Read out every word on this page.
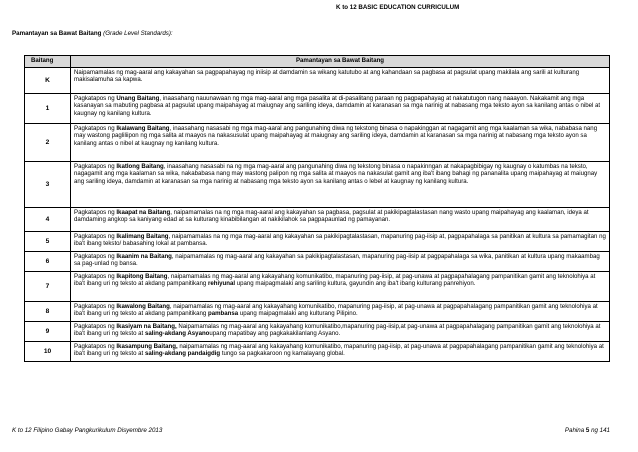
K to 12 BASIC EDUCATION CURRICULUM
Pamantayan sa Bawat Baitang (Grade Level Standards):
Baitang	Pamantayan sa Bawat Baitang
K	Naipamamalas ng mag-aaral ang kakayahan sa pagpapahayag ng iniisip at damdamin sa wikang katutubo at ang kahandaan sa pagbasa at pagsulat upang makilala ang sarili at kulturang makisalamuha sa kapwa.
1	Pagkatapos ng Unang Baitang, inaasahang nauunawaan ng mga mag-aaral ang mga pasalita at di-pasalitang paraan ng pagpapahayag at nakatutugon nang naaayon. Nakakamit ang mga kasanayan sa mabuting pagbasa at pagsulat upang maipahayag at maiugnay ang sariling ideya, damdamin at karanasan sa mga narinig at nabasang mga teksto ayon sa kanilang antas o nibel at kaugnay ng kanilang kultura.
2	Pagkatapos ng Ikalawang Baitang, inaasahang nasasabi ng mga mag-aaral ang pangunahing diwa ng tekstong binasa o napakinggan at nagagamit ang mga kaalaman sa wika, nababasa nang may wastong pagliliipon ng mga salita at maayos na nakasusulat upang maipahayag at maiugnay ang sariling ideya, damdamin at karanasan sa mga narinig at nabasang mga teksto ayon sa kanilang antas o nibel at kaugnay ng kanilang kultura.
3	Pagkatapos ng Ikatlong Baitang, inaasahang nasasabi na ng mga mag-aaral ang pangunahing diwa ng tekstong binasa o napakinngan at nakapagbibigay ng kaugnay o katumbas na teksto, nagagamit ang mga kaalaman sa wika, nakababasa nang may wastong palipon ng mga salita at maayos na nakasulat gamit ang iba't ibang bahagi ng pananalita upang maipahayag at maiugnay ang sariling ideya, damdamin at karanasan sa mga narinig at nabasang mga teksto ayon sa kanilang antas o lebel at kaugnay ng kanilang kultura.
4	Pagkatapos ng Ikaapat na Baitang, naipamamalas na ng mga mag-aaral ang kakayahan sa pagbasa, pagsulat at pakikipagtalastasan nang wasto upang maipahayag ang kaalaman, ideya at damdaming angkop sa kaniyang edad at sa kulturang kinabibilangan at nakikilahok sa pagpapaunlad ng pamayanan.
5	Pagkatapos ng Ikalimang Baitang, naipamamalas na ng mga mag-aaral ang kakayahan sa pakikipagtalastasan, mapanuring pag-iisip at, pagpapahalaga sa panitikan at kultura sa pamamagitan ng iba't ibang teksto/ babasahing lokal at pambansa.
6	Pagkatapos ng Ikaanim na Baitang, naipamamalas ng mag-aaral ang kakayahan sa pakikipagtalastasan, mapanuring pag-iisip at pagpapahalaga sa wika, panitikan at kultura upang makaambag sa pag-unlad ng bansa.
7	Pagkatapos ng Ikapitong Baitang, naipamamalas ng mag-aaral ang kakayahang komunikatibo, mapanuring pag-iisip, at pag-unawa at pagpapahalagang pampanitikan gamit ang teknolohiya at iba't ibang uri ng teksto at akdang pampanitikang rehiyunal upang maipagmalaki ang sariling kultura, gayundin ang iba't ibang kulturang panrehiyon.
8	Pagkatapos ng Ikawalong Baitang, naipamamalas ng mag-aaral ang kakayahang komunikatibo, mapanuring pag-iisip, at pag-unawa at pagpapahalagang pampanitikan gamit ang teknolohiya at iba't ibang uri ng teksto at akdang pampanitikang pambansa upang maipagmalaki ang kulturang Pilipino.
9	Pagkatapos ng Ikasiyam na Baitang, Naipamamalas ng mag-aaral ang kakayahang komunikatibo,mapanuring pag-iisip,at pag-unawa at pagpapahalagang pampanitikan gamit ang teknolohiya at iba't ibang uri ng teksto at saling-akdang Asyanoupang mapatibay ang pagkakakilanlang Asyano.
10	Pagkatapos ng Ikasampung Baitang, naipamamalas ng mag-aaral ang kakayahang komunikatibo, mapanuring pag-iisip, at pag-unawa at pagpapahalagang pampanitikan gamit ang teknolohiya at iba't ibang uri ng teksto at saling-akdang pandaigdig tungo sa pagkakaroon ng kamalayang global.
K to 12 Filipino Gabay Pangkurikulum Disyembre 2013	Pahina 5 ng 141
